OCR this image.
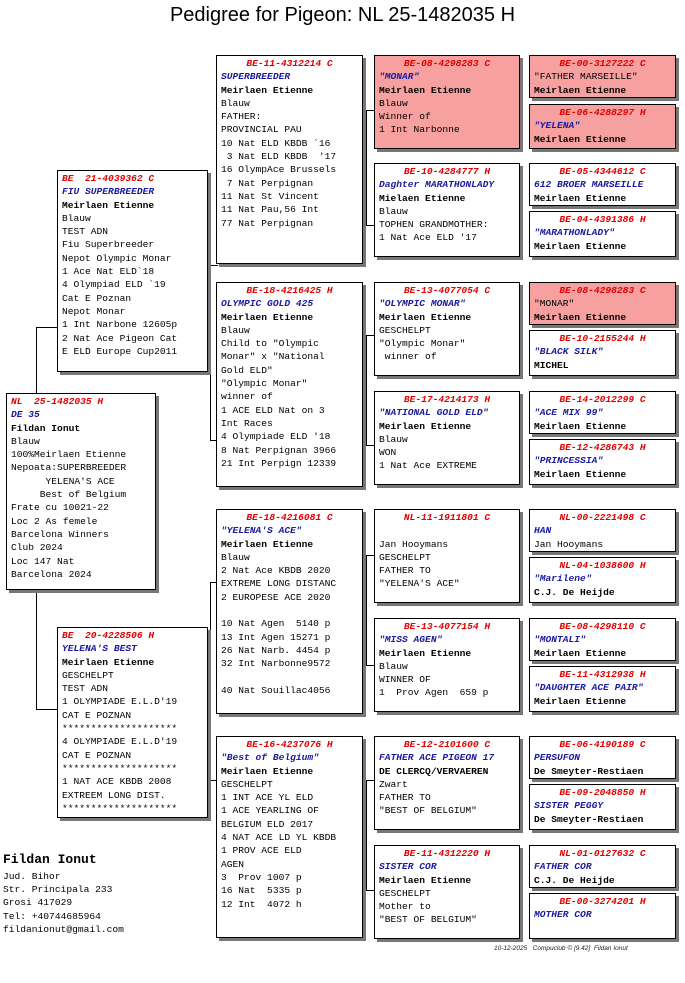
Pedigree for Pigeon: NL 25-1482035 H
NL  25-1482035 H
DE 35
Fildan Ionut
Blauw
100%Meirlaen Etienne
Nepoata:SUPERBREEDER
YELENA'S ACE
Best of Belgium
Frate cu 10021-22
Loc 2 As femele
Barcelona Winners
Club 2024
Loc 147 Nat
Barcelona 2024
BE  21-4039362 C
FIU SUPERBREEDER
Meirlaen Etienne
Blauw
TEST ADN
Fiu Superbreeder
Nepot Olympic Monar
1 Ace Nat ELD`18
4 Olympiad ELD `19
Cat E Poznan
Nepot Monar
1 Int Narbone 12605p
2 Nat Ace Pigeon Cat
E ELD Europe Cup2011
BE  20-4228506 H
YELENA'S BEST
Meirlaen Etienne
GESCHELPT
TEST ADN
1 OLYMPIADE E.L.D'19
CAT E POZNAN
********************
4 OLYMPIADE E.L.D'19
CAT E POZNAN
********************
1 NAT ACE KBDB 2008
EXTREEM LONG DIST.
********************
BE-11-4312214 C
SUPERBREEDER
Meirlaen Etienne
Blauw
FATHER:
PROVINCIAL PAU
10 Nat ELD KBDB `16
3 Nat ELD KBDB  '17
16 OlympAce Brussels
7 Nat Perpignan
11 Nat St Vincent
11 Nat Pau,56 Int
77 Nat Perpignan
BE-18-4216425 H
OLYMPIC GOLD 425
Meirlaen Etienne
Blauw
Child to "Olympic
Monar" x "National
Gold ELD"
"Olympic Monar"
winner of
1 ACE ELD Nat on 3
Int Races
4 Olympiade ELD '18
8 Nat Perpignan 3966
21 Int Perpign 12339
BE-18-4216081 C
"YELENA'S ACE"
Meirlaen Etienne
Blauw
2 Nat Ace KBDB 2020
EXTREME LONG DISTANC
2 EUROPESE ACE 2020

10 Nat Agen  5140 p
13 Int Agen 15271 p
26 Nat Narb. 4454 p
32 Int Narbonne9572

40 Nat Souillac4056
BE-16-4237076 H
"Best of Belgium"
Meirlaen Etienne
GESCHELPT
1 INT ACE YL ELD
1 ACE YEARLING OF
BELGIUM ELD 2017
4 NAT ACE LD YL KBDB
1 PROV ACE ELD
AGEN
3  Prov 1007 p
16 Nat  5335 p
12 Int  4072 h
BE-08-4298283 C
"MONAR"
Meirlaen Etienne
Blauw
Winner of
1 Int Narbonne
BE-10-4284777 H
Daghter MARATHONLADY
Mielaen Etienne
Blauw
TOPHEN GRANDMOTHER:
1 Nat Ace ELD '17
BE-13-4077054 C
"OLYMPIC MONAR"
Meirlaen Etienne
GESCHELPT
"Olympic Monar"
winner of
BE-17-4214173 H
"NATIONAL GOLD ELD"
Meirlaen Etienne
Blauw
WON
1 Nat Ace EXTREME
NL-11-1911801 C

Jan Hooymans
GESCHELPT
FATHER TO
"YELENA'S ACE"
BE-13-4077154 H
"MISS AGEN"
Meirlaen Etienne
Blauw
WINNER OF
1  Prov Agen  659 p
BE-12-2101600 C
FATHER ACE PIGEON 17
DE CLERCQ/VERVAEREN
Zwart
FATHER TO
"BEST OF BELGIUM"
BE-11-4312220 H
SISTER COR
Meirlaen Etienne
GESCHELPT
Mother to
"BEST OF BELGIUM"
BE-00-3127222 C
"FATHER MARSEILLE"
Meirlaen Etienne
BE-06-4288297 H
"YELENA"
Meirlaen Etienne
BE-05-4344612 C
612 BROER MARSEILLE
Meirlaen Etienne
BE-04-4391386 H
"MARATHONLADY"
Meirlaen Etienne
BE-08-4298283 C
"MONAR"
Meirlaen Etienne
BE-10-2155244 H
"BLACK SILK"
MICHEL
BE-14-2012299 C
"ACE MIX 99"
Meirlaen Etienne
BE-12-4286743 H
"PRINCESSIA"
Meirlaen Etienne
NL-00-2221498 C
HAN
Jan Hooymans
NL-04-1038600 H
"Marilene"
C.J. De Heijde
BE-08-4298110 C
"MONTALI"
Meirlaen Etienne
BE-11-4312938 H
"DAUGHTER ACE PAIR"
Meirlaen Etienne
BE-06-4190189 C
PERSUFON
De Smeyter-Restiaen
BE-09-2048850 H
SISTER PEGGY
De Smeyter-Restiaen
NL-01-0127632 C
FATHER COR
C.J. De Heijde
BE-00-3274201 H
MOTHER COR
Fildan Ionut
Jud. Bihor
Str. Principala 233
Grosi 417029
Tel: +40744685964
fildanionut@gmail.com
10-12-2025   Compuclub © [9.42]  Fildan Ionut
